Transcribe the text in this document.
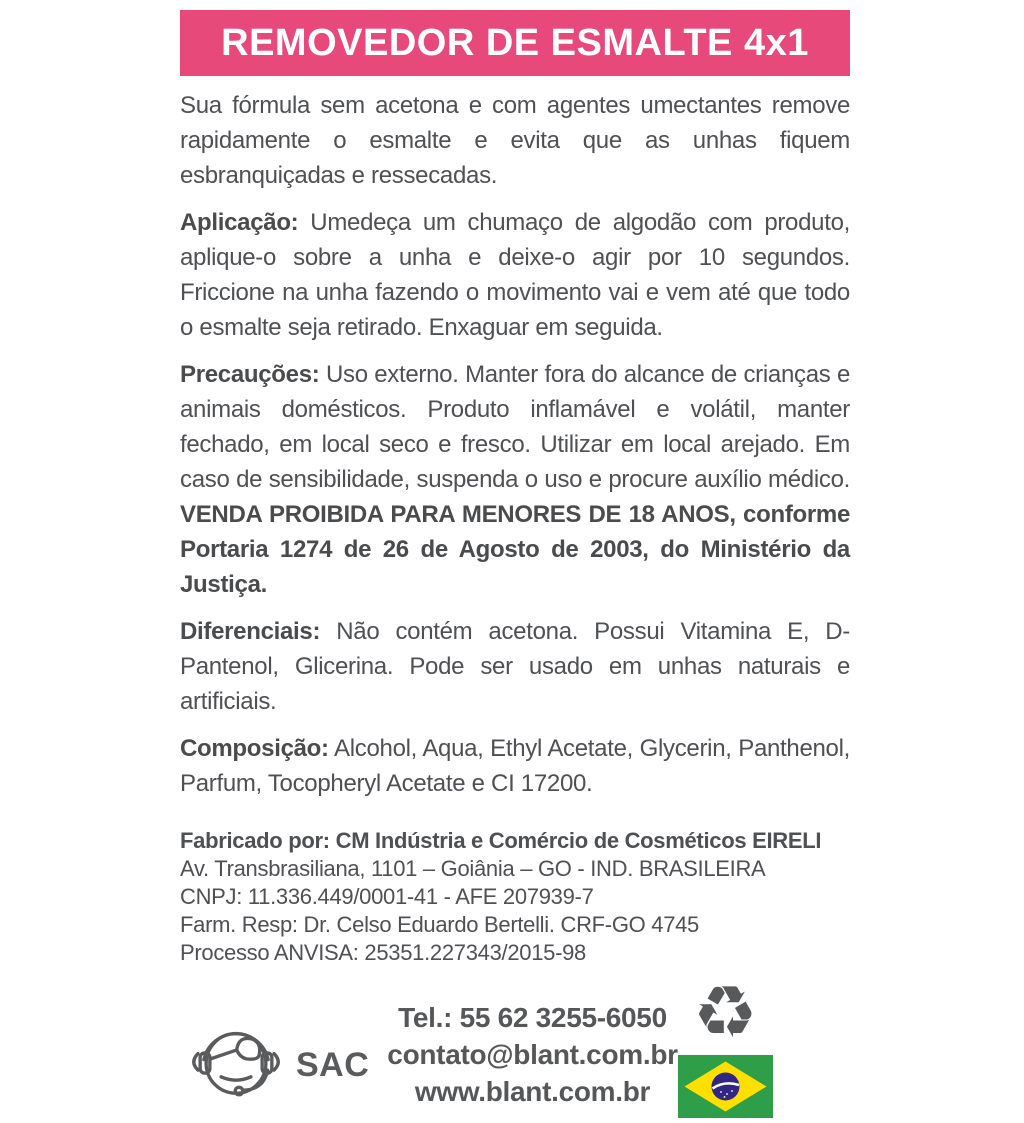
REMOVEDOR DE ESMALTE 4x1

Sua fórmula sem acetona e com agentes umectantes remove rapidamente o esmalte e evita que as unhas fiquem esbranquiçadas e ressecadas.

Aplicação: Umedeça um chumaço de algodão com produto, aplique-o sobre a unha e deixe-o agir por 10 segundos. Friccione na unha fazendo o movimento vai e vem até que todo o esmalte seja retirado. Enxaguar em seguida.

Precauções: Uso externo. Manter fora do alcance de crianças e animais domésticos. Produto inflamável e volátil, manter fechado, em local seco e fresco. Utilizar em local arejado. Em caso de sensibilidade, suspenda o uso e procure auxílio médico. VENDA PROIBIDA PARA MENORES DE 18 ANOS, conforme Portaria 1274 de 26 de Agosto de 2003, do Ministério da Justiça.

Diferenciais: Não contém acetona. Possui Vitamina E, D-Pantenol, Glicerina. Pode ser usado em unhas naturais e artificiais.

Composição: Alcohol, Aqua, Ethyl Acetate, Glycerin, Panthenol, Parfum, Tocopheryl Acetate e CI 17200.

Fabricado por: CM Indústria e Comércio de Cosméticos EIRELI
Av. Transbrasiliana, 1101 – Goiânia – GO - IND. BRASILEIRA
CNPJ: 11.336.449/0001-41 - AFE 207939-7
Farm. Resp: Dr. Celso Eduardo Bertelli. CRF-GO 4745
Processo ANVISA: 25351.227343/2015-98
SAC
Tel.: 55 62 3255-6050
contato@blant.com.br
www.blant.com.br
♻
